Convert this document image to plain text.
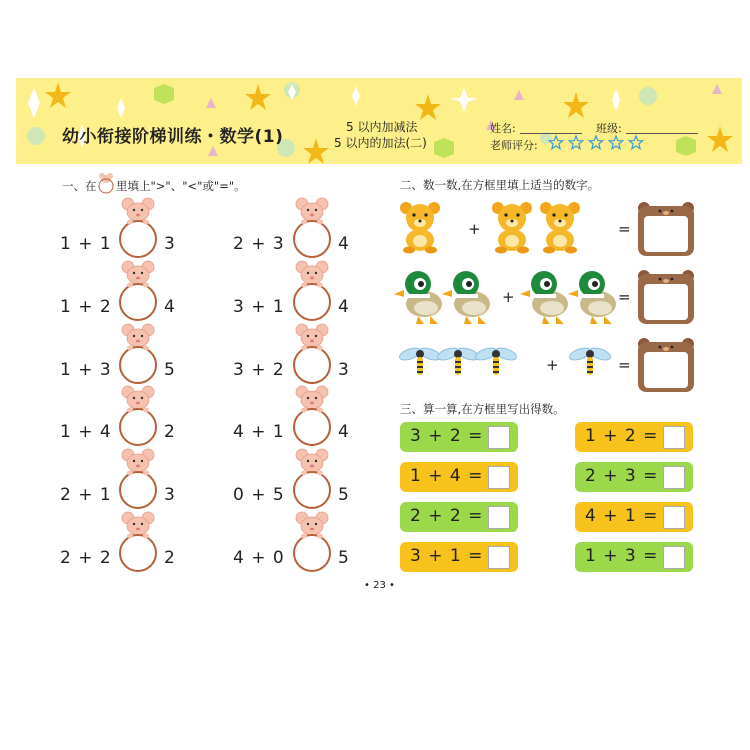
幼小衔接阶梯训练・数学(1)	5 以内加减法
5 以内的加法(二)
姓名:	班级:
老师评分:
一、在 里填上">"、"<"或"="。	二、数一数,在方框里填上适当的数字。
三、算一算,在方框里写出得数。
• 23 •
1 + 1	3
1 + 2	4
1 + 3	5
1 + 4	2
2 + 1	3
2 + 2	2
2 + 3	4
3 + 1	4
3 + 2	3
4 + 1	4
0 + 5	5
4 + 0	5
+	=
+	=
+	=
3 + 2 =
1 + 4 =
2 + 2 =
3 + 1 =
1 + 2 =
2 + 3 =
4 + 1 =
1 + 3 =
